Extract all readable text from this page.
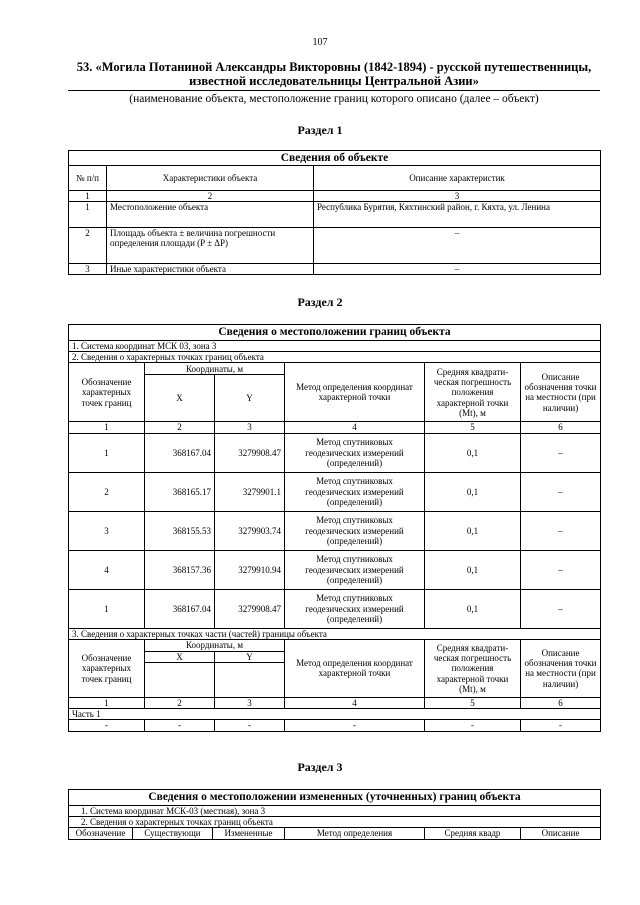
107
53. «Могила Потаниной Александры Викторовны (1842-1894) - русской путешественницы, известной исследовательницы Центральной Азии»
(наименование объекта, местоположение границ которого описано (далее – объект)
Раздел 1
Сведения об объекте		
№ п/п	Характеристики объекта	Описание характеристик
1	2	3
1	Местоположение объекта	Республика Бурятия, Кяхтинский район, г. Кяхта, ул. Ленина
2	Площадь объекта ± величина погрешности определения площади (P ± ΔP)	–
3	Иные характеристики объекта	–
Раздел 2
Сведения о местоположении границ объекта					
1. Система координат МСК 03, зона 3					
2. Сведения о характерных точках границ объекта					
Обозначение характерных точек границ	Координаты, м		Метод определения координат характерной точки	Средняя квадрати-ческая погрешность положения характерной точки (Mt), м	Описание обозначения точки на местности (при наличии)
	X	Y			
1	2	3	4	5	6
1	368167.04	3279908.47	Метод спутниковых геодезических измерений (определений)	0,1	–
2	368165.17	3279901.1	Метод спутниковых геодезических измерений (определений)	0,1	–
3	368155.53	3279903.74	Метод спутниковых геодезических измерений (определений)	0,1	–
4	368157.36	3279910.94	Метод спутниковых геодезических измерений (определений)	0,1	–
1	368167.04	3279908.47	Метод спутниковых геодезических измерений (определений)	0,1	–
3. Сведения о характерных точках части (частей) границы объекта					
Обозначение характерных точек границ	Координаты, м		Метод определения координат характерной точки	Средняя квадрати-ческая погрешность положения характерной точки (Mt), м	Описание обозначения точки на местности (при наличии)
	X	Y			

1	2	3	4	5	6
Часть 1					
-	-	-	-	-	-
Раздел 3
Сведения о местоположении измененных (уточненных) границ объекта
1. Система координат МСК-03 (местная), зона 3
2. Сведения о характерных точках границ объекта
Обозначение	Существующи	Измененные	Метод определения	Средняя квадр	Описание
